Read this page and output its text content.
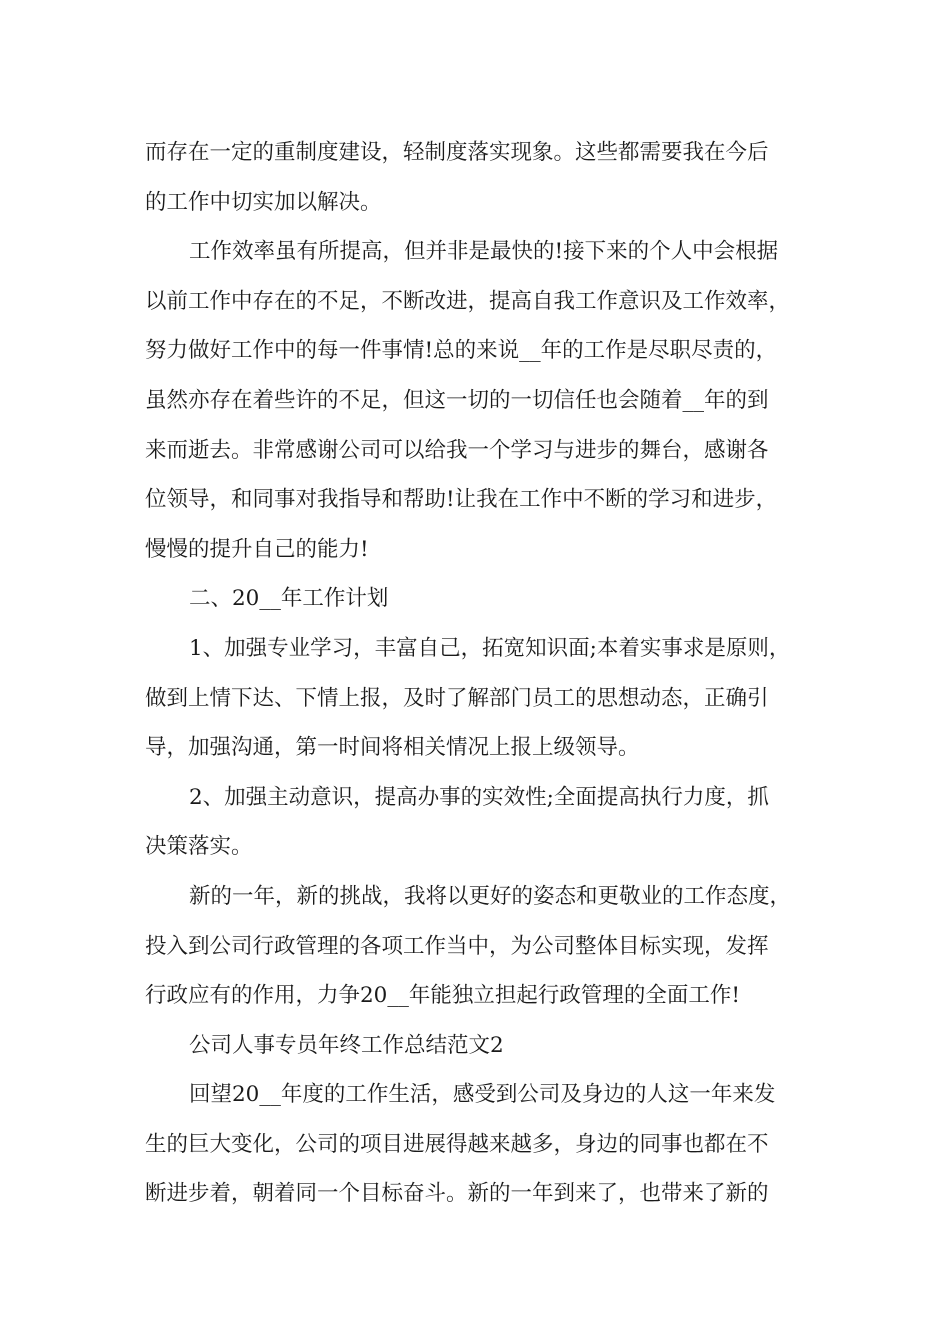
而存在一定的重制度建设，轻制度落实现象。这些都需要我在今后
的工作中切实加以解决。
工作效率虽有所提高，但并非是最快的!接下来的个人中会根据
以前工作中存在的不足，不断改进，提高自我工作意识及工作效率，
努力做好工作中的每一件事情!总的来说__年的工作是尽职尽责的，
虽然亦存在着些许的不足，但这一切的一切信任也会随着__年的到
来而逝去。非常感谢公司可以给我一个学习与进步的舞台，感谢各
位领导，和同事对我指导和帮助!让我在工作中不断的学习和进步，
慢慢的提升自己的能力!
二、20__年工作计划
1、加强专业学习，丰富自己，拓宽知识面;本着实事求是原则，
做到上情下达、下情上报，及时了解部门员工的思想动态，正确引
导，加强沟通，第一时间将相关情况上报上级领导。
2、加强主动意识，提高办事的实效性;全面提高执行力度，抓
决策落实。
新的一年，新的挑战，我将以更好的姿态和更敬业的工作态度，
投入到公司行政管理的各项工作当中，为公司整体目标实现，发挥
行政应有的作用，力争20__年能独立担起行政管理的全面工作!
公司人事专员年终工作总结范文2
回望20__年度的工作生活，感受到公司及身边的人这一年来发
生的巨大变化，公司的项目进展得越来越多，身边的同事也都在不
断进步着，朝着同一个目标奋斗。新的一年到来了，也带来了新的
